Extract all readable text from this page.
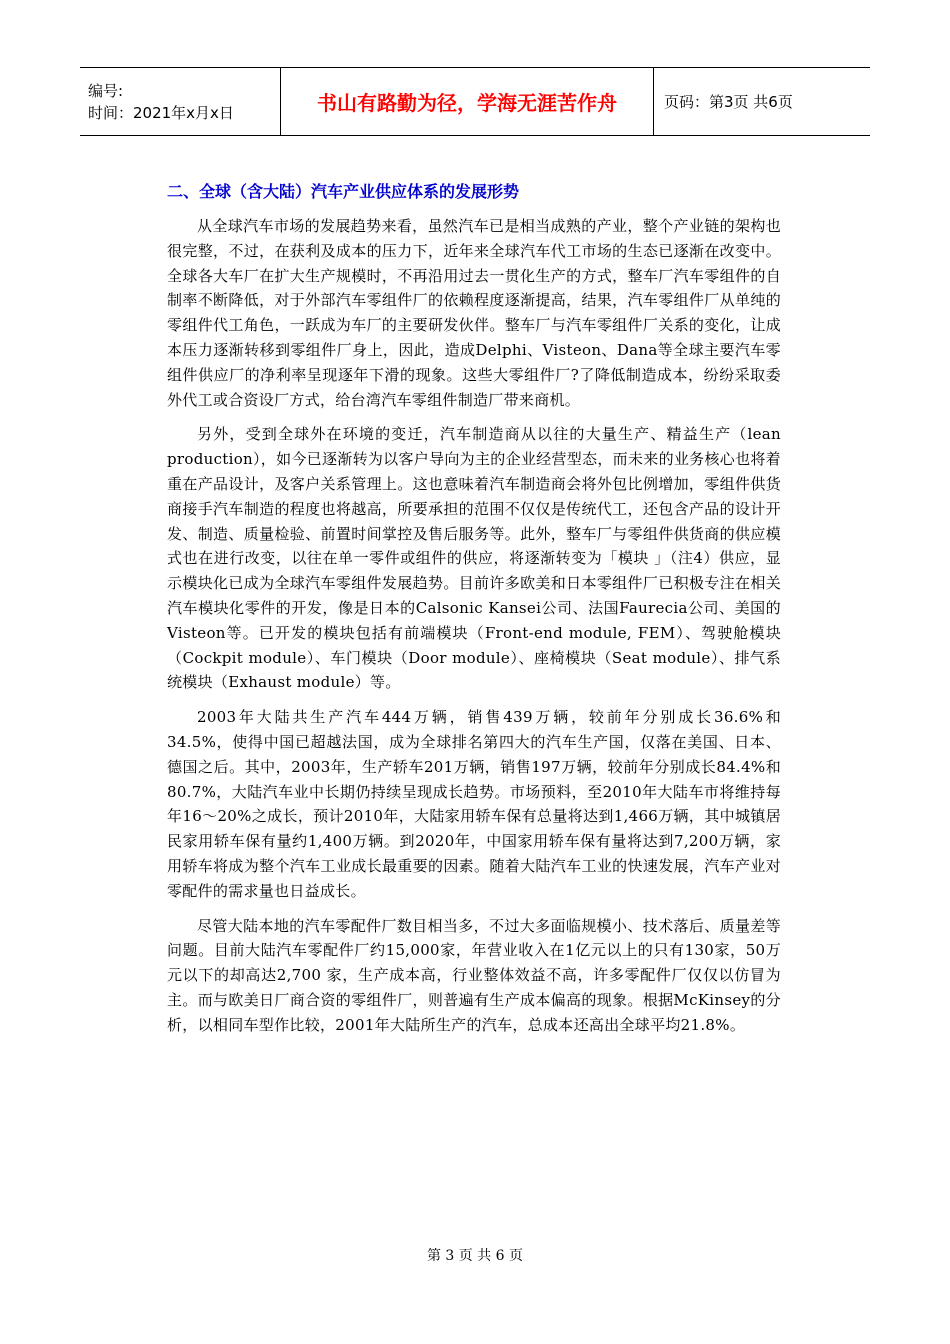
编号:
时间：2021年x月x日	书山有路勤为径，学海无涯苦作舟	页码：第3页 共6页
二、全球（含大陆）汽车产业供应体系的发展形势

从全球汽车市场的发展趋势来看，虽然汽车已是相当成熟的产业，整个产业链的架构也很完整，不过，在获利及成本的压力下，近年来全球汽车代工市场的生态已逐渐在改变中。全球各大车厂在扩大生产规模时，不再沿用过去一贯化生产的方式，整车厂汽车零组件的自制率不断降低，对于外部汽车零组件厂的依赖程度逐渐提高，结果，汽车零组件厂从单纯的零组件代工角色，一跃成为车厂的主要研发伙伴。整车厂与汽车零组件厂关系的变化，让成本压力逐渐转移到零组件厂身上，因此，造成Delphi、Visteon、Dana等全球主要汽车零组件供应厂的净利率呈现逐年下滑的现象。这些大零组件厂?了降低制造成本，纷纷采取委外代工或合资设厂方式，给台湾汽车零组件制造厂带来商机。

另外，受到全球外在环境的变迁，汽车制造商从以往的大量生产、精益生产（lean production），如今已逐渐转为以客户导向为主的企业经营型态，而未来的业务核心也将着重在产品设计，及客户关系管理上。这也意味着汽车制造商会将外包比例增加，零组件供货商接手汽车制造的程度也将越高，所要承担的范围不仅仅是传统代工，还包含产品的设计开发、制造、质量检验、前置时间掌控及售后服务等。此外，整车厂与零组件供货商的供应模式也在进行改变，以往在单一零件或组件的供应，将逐渐转变为「模块 」（注4）供应，显示模块化已成为全球汽车零组件发展趋势。目前许多欧美和日本零组件厂已积极专注在相关汽车模块化零件的开发，像是日本的Calsonic Kansei公司、法国Faurecia公司、美国的Visteon等。已开发的模块包括有前端模块（Front-end module, FEM）、驾驶舱模块（Cockpit module）、车门模块（Door module）、座椅模块（Seat module）、排气系统模块（Exhaust module）等。

2003年大陆共生产汽车444万辆，销售439万辆，较前年分别成长36.6%和 34.5%，使得中国已超越法国，成为全球排名第四大的汽车生产国，仅落在美国、日本、德国之后。其中，2003年，生产轿车201万辆，销售197万辆，较前年分别成长84.4%和80.7%，大陆汽车业中长期仍持续呈现成长趋势。市场预料，至2010年大陆车市将维持每年16～20%之成长，预计2010年，大陆家用轿车保有总量将达到1,466万辆，其中城镇居民家用轿车保有量约1,400万辆。到2020年，中国家用轿车保有量将达到7,200万辆，家用轿车将成为整个汽车工业成长最重要的因素。随着大陆汽车工业的快速发展，汽车产业对零配件的需求量也日益成长。

尽管大陆本地的汽车零配件厂数目相当多，不过大多面临规模小、技术落后、质量差等问题。目前大陆汽车零配件厂约15,000家，年营业收入在1亿元以上的只有130家，50万元以下的却高达2,700 家，生产成本高，行业整体效益不高，许多零配件厂仅仅以仿冒为主。而与欧美日厂商合资的零组件厂，则普遍有生产成本偏高的现象。根据McKinsey的分析，以相同车型作比较，2001年大陆所生产的汽车，总成本还高出全球平均21.8%。

第 3 页 共 6 页
